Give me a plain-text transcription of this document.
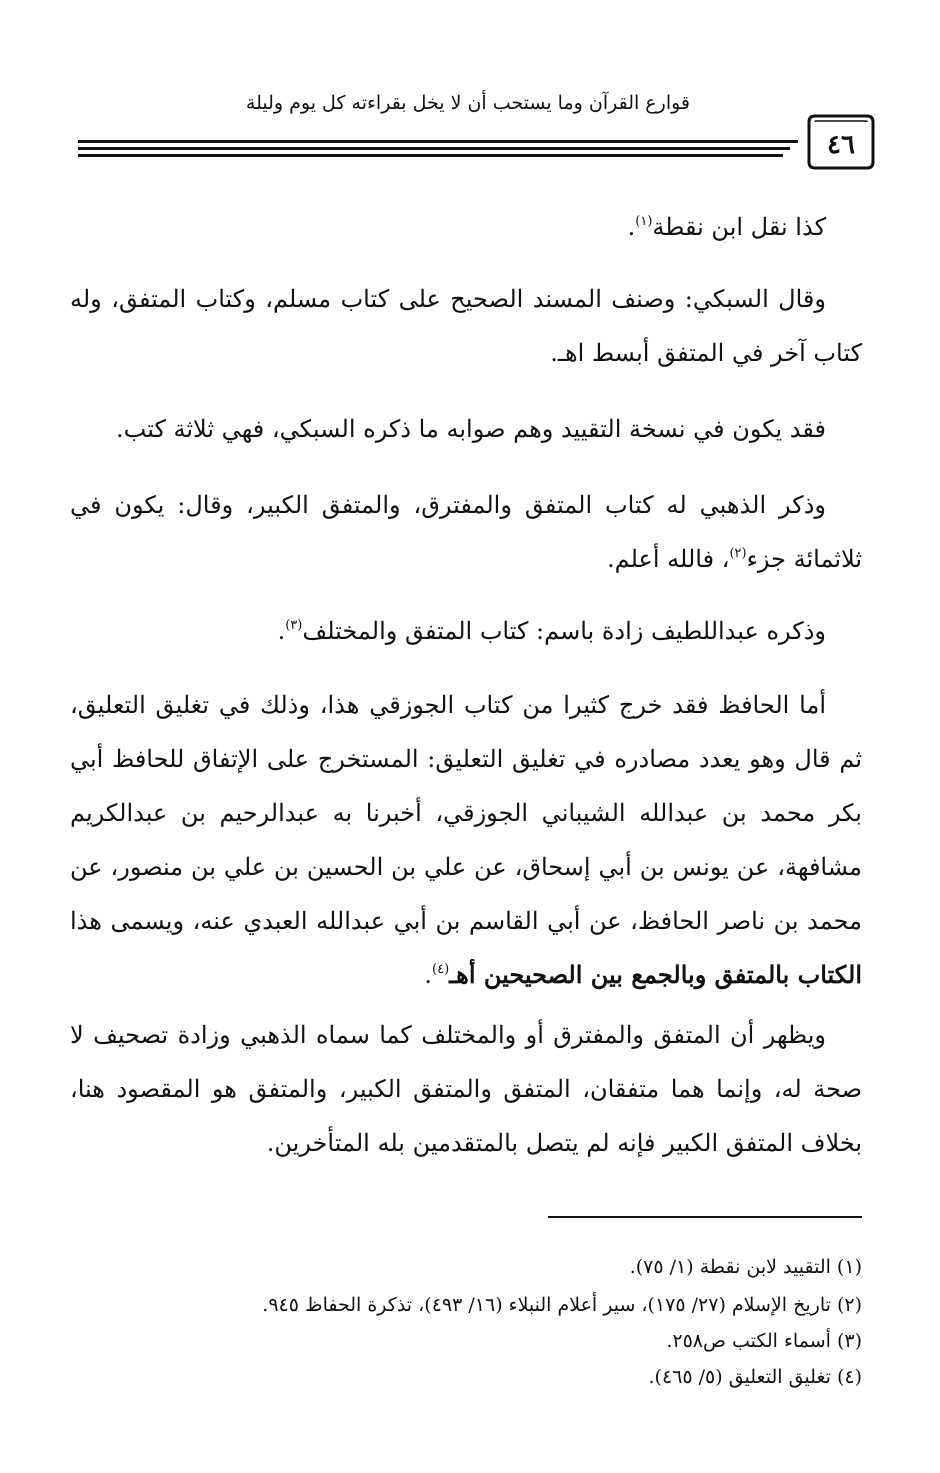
قوارع القرآن وما يستحب أن لا يخل بقراءته كل يوم وليلة
٤٦
كذا نقل ابن نقطة$^{(١)}$.
وقال السبكي: وصنف المسند الصحيح على كتاب مسلم، وكتاب المتفق، وله كتاب آخر في المتفق أبسط اهـ.
فقد يكون في نسخة التقييد وهم صوابه ما ذكره السبكي، فهي ثلاثة كتب.
وذكر الذهبي له كتاب المتفق والمفترق، والمتفق الكبير، وقال: يكون في ثلاثمائة جزء$^{(٢)}$، فالله أعلم.
وذكره عبداللطيف زادة باسم: كتاب المتفق والمختلف$^{(٣)}$.
أما الحافظ فقد خرج كثيرا من كتاب الجوزقي هذا، وذلك في تغليق التعليق، ثم قال وهو يعدد مصادره في تغليق التعليق: المستخرج على الإتفاق للحافظ أبي بكر محمد بن عبدالله الشيباني الجوزقي، أخبرنا به عبدالرحيم بن عبدالكريم مشافهة، عن يونس بن أبي إسحاق، عن علي بن الحسين بن علي بن منصور، عن محمد بن ناصر الحافظ، عن أبي القاسم بن أبي عبدالله العبدي عنه، ويسمى هذا الكتاب بالمتفق وبالجمع بين الصحيحين أهـ$^{(٤)}$.
ويظهر أن المتفق والمفترق أو والمختلف كما سماه الذهبي وزادة تصحيف لا صحة له، وإنما هما متفقان، المتفق والمتفق الكبير، والمتفق هو المقصود هنا، بخلاف المتفق الكبير فإنه لم يتصل بالمتقدمين بله المتأخرين.
(١) التقييد لابن نقطة (١/ ٧٥).
(٢) تاريخ الإسلام (٢٧/ ١٧٥)، سير أعلام النبلاء (١٦/ ٤٩٣)، تذكرة الحفاظ ٩٤٥.
(٣) أسماء الكتب ص٢٥٨.
(٤) تغليق التعليق (٥/ ٤٦٥).
